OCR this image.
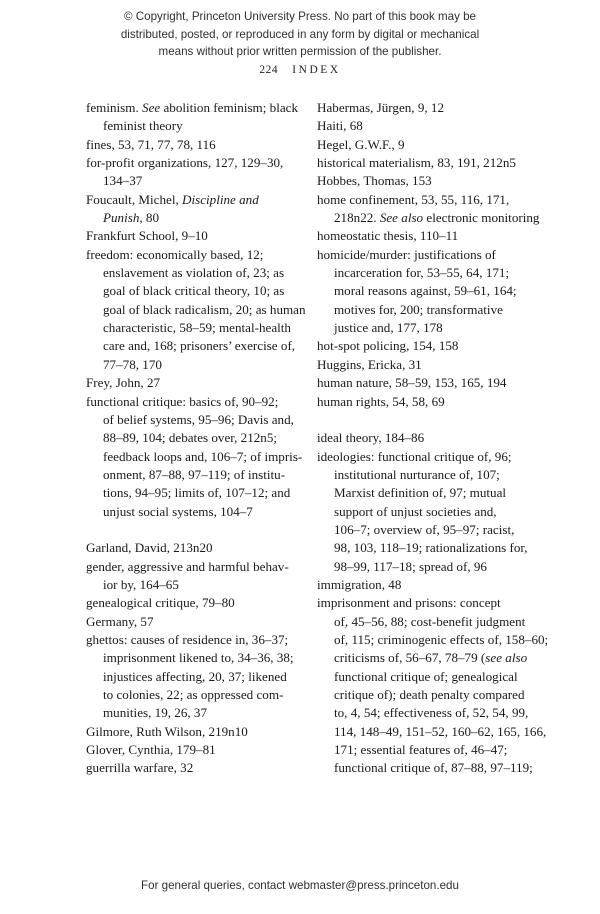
© Copyright, Princeton University Press. No part of this book may be
distributed, posted, or reproduced in any form by digital or mechanical
means without prior written permission of the publisher.
224 INDEX
feminism. See abolition feminism; black
feminist theory
fines, 53, 71, 77, 78, 116
for-profit organizations, 127, 129–30,
134–37
Foucault, Michel, Discipline and
Punish, 80
Frankfurt School, 9–10
freedom: economically based, 12;
enslavement as violation of, 23; as
goal of black critical theory, 10; as
goal of black radicalism, 20; as human
characteristic, 58–59; mental-health
care and, 168; prisoners’ exercise of,
77–78, 170
Frey, John, 27
functional critique: basics of, 90–92;
of belief systems, 95–96; Davis and,
88–89, 104; debates over, 212n5;
feedback loops and, 106–7; of impris-
onment, 87–88, 97–119; of institu-
tions, 94–95; limits of, 107–12; and
unjust social systems, 104–7
Garland, David, 213n20
gender, aggressive and harmful behav-
ior by, 164–65
genealogical critique, 79–80
Germany, 57
ghettos: causes of residence in, 36–37;
imprisonment likened to, 34–36, 38;
injustices affecting, 20, 37; likened
to colonies, 22; as oppressed com-
munities, 19, 26, 37
Gilmore, Ruth Wilson, 219n10
Glover, Cynthia, 179–81
guerrilla warfare, 32
Habermas, Jürgen, 9, 12
Haiti, 68
Hegel, G.W.F., 9
historical materialism, 83, 191, 212n5
Hobbes, Thomas, 153
home confinement, 53, 55, 116, 171,
218n22. See also electronic monitoring
homeostatic thesis, 110–11
homicide/murder: justifications of
incarceration for, 53–55, 64, 171;
moral reasons against, 59–61, 164;
motives for, 200; transformative
justice and, 177, 178
hot-spot policing, 154, 158
Huggins, Ericka, 31
human nature, 58–59, 153, 165, 194
human rights, 54, 58, 69
ideal theory, 184–86
ideologies: functional critique of, 96;
institutional nurturance of, 107;
Marxist definition of, 97; mutual
support of unjust societies and,
106–7; overview of, 95–97; racist,
98, 103, 118–19; rationalizations for,
98–99, 117–18; spread of, 96
immigration, 48
imprisonment and prisons: concept
of, 45–56, 88; cost-benefit judgment
of, 115; criminogenic effects of, 158–60;
criticisms of, 56–67, 78–79 (see also
functional critique of; genealogical
critique of); death penalty compared
to, 4, 54; effectiveness of, 52, 54, 99,
114, 148–49, 151–52, 160–62, 165, 166,
171; essential features of, 46–47;
functional critique of, 87–88, 97–119;
For general queries, contact webmaster@press.princeton.edu
